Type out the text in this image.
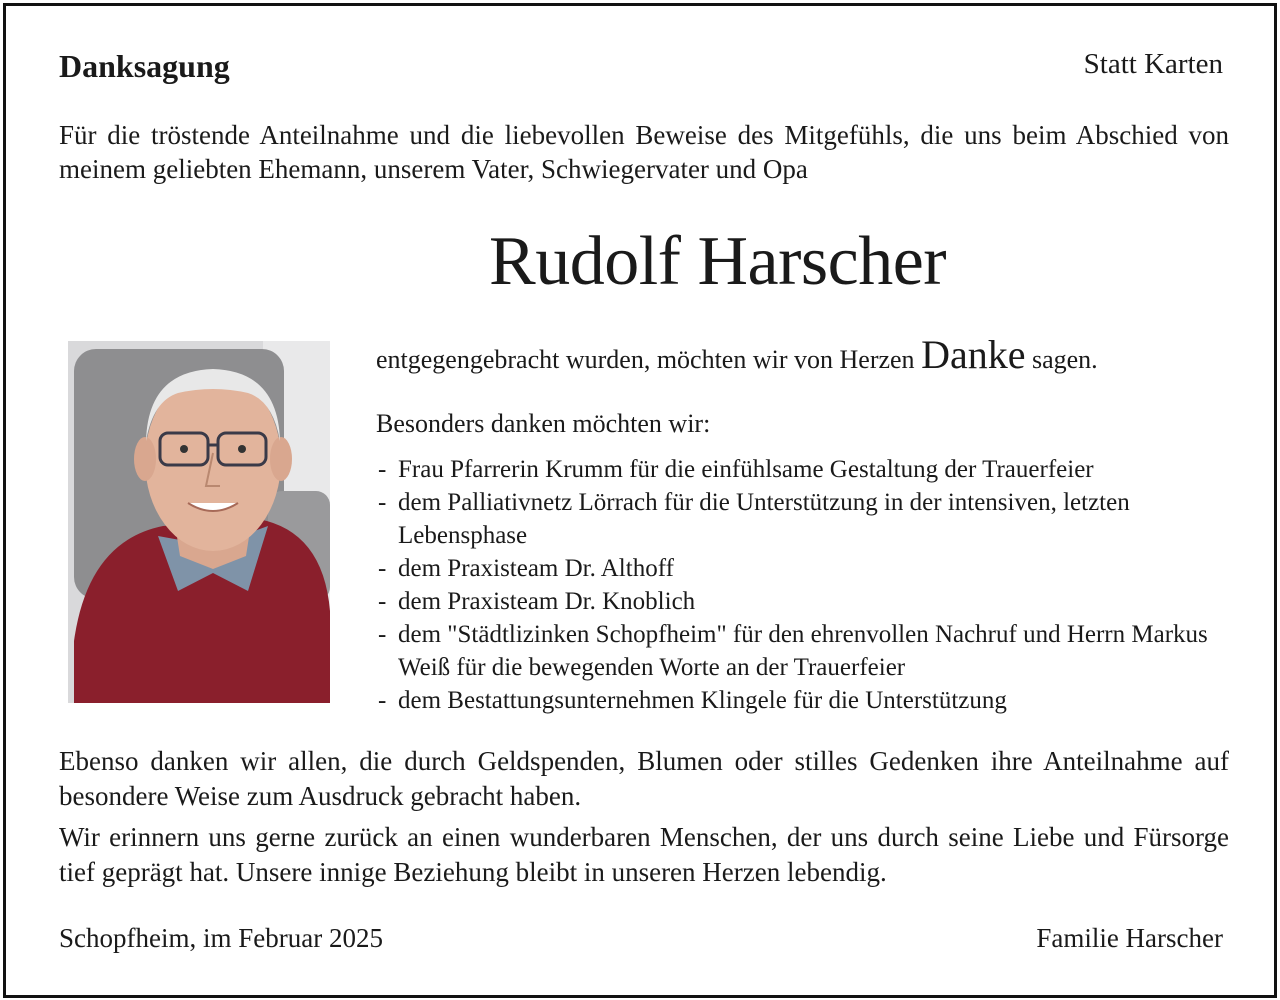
Danksagung	Statt Karten
Für die tröstende Anteilnahme und die liebevollen Beweise des Mitgefühls, die uns beim Abschied von meinem geliebten Ehemann, unserem Vater, Schwiegervater und Opa
Rudolf Harscher
entgegengebracht wurden, möchten wir von Herzen Danke sagen.
Besonders danken möchten wir:
- Frau Pfarrerin Krumm für die einfühlsame Gestaltung der Trauerfeier
- dem Palliativnetz Lörrach für die Unterstützung in der intensiven, letzten Lebensphase
- dem Praxisteam Dr. Althoff
- dem Praxisteam Dr. Knoblich
- dem "Städtlizinken Schopfheim" für den ehrenvollen Nachruf und Herrn Markus Weiß für die bewegenden Worte an der Trauerfeier
- dem Bestattungsunternehmen Klingele für die Unterstützung
Ebenso danken wir allen, die durch Geldspenden, Blumen oder stilles Gedenken ihre Anteilnahme auf besondere Weise zum Ausdruck gebracht haben.
Wir erinnern uns gerne zurück an einen wunderbaren Menschen, der uns durch seine Liebe und Fürsorge tief geprägt hat. Unsere innige Beziehung bleibt in unseren Herzen lebendig.
Schopfheim, im Februar 2025	Familie Harscher
